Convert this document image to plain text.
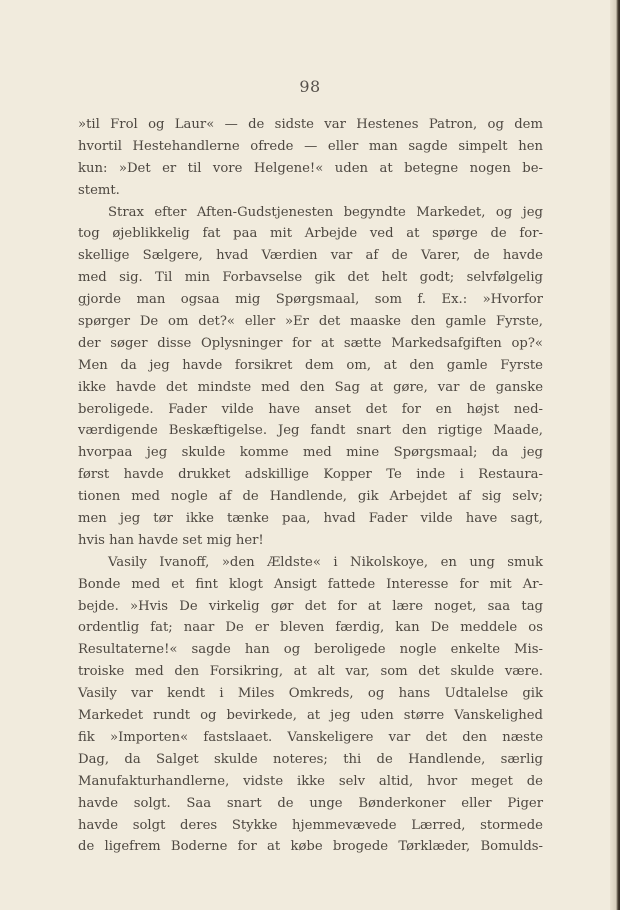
98
»til Frol og Laur« — de sidste var Hestenes Patron, og dem
hvortil Hestehandlerne ofrede — eller man sagde simpelt hen
kun: »Det er til vore Helgene!« uden at betegne nogen be-
stemt.
Strax efter Aften-Gudstjenesten begyndte Markedet, og jeg
tog øjeblikkelig fat paa mit Arbejde ved at spørge de for-
skellige Sælgere, hvad Værdien var af de Varer, de havde
med sig. Til min Forbavselse gik det helt godt; selvfølgelig
gjorde man ogsaa mig Spørgsmaal, som f. Ex.: »Hvorfor
spørger De om det?« eller »Er det maaske den gamle Fyrste,
der søger disse Oplysninger for at sætte Markedsafgiften op?«
Men da jeg havde forsikret dem om, at den gamle Fyrste
ikke havde det mindste med den Sag at gøre, var de ganske
beroligede. Fader vilde have anset det for en højst ned-
værdigende Beskæftigelse. Jeg fandt snart den rigtige Maade,
hvorpaa jeg skulde komme med mine Spørgsmaal; da jeg
først havde drukket adskillige Kopper Te inde i Restaura-
tionen med nogle af de Handlende, gik Arbejdet af sig selv;
men jeg tør ikke tænke paa, hvad Fader vilde have sagt,
hvis han havde set mig her!
Vasily Ivanoff, »den Ældste« i Nikolskoye, en ung smuk
Bonde med et fint klogt Ansigt fattede Interesse for mit Ar-
bejde. »Hvis De virkelig gør det for at lære noget, saa tag
ordentlig fat; naar De er bleven færdig, kan De meddele os
Resultaterne!« sagde han og beroligede nogle enkelte Mis-
troiske med den Forsikring, at alt var, som det skulde være.
Vasily var kendt i Miles Omkreds, og hans Udtalelse gik
Markedet rundt og bevirkede, at jeg uden større Vanskelighed
fik »Importen« fastslaaet. Vanskeligere var det den næste
Dag, da Salget skulde noteres; thi de Handlende, særlig
Manufakturhandlerne, vidste ikke selv altid, hvor meget de
havde solgt. Saa snart de unge Bønderkoner eller Piger
havde solgt deres Stykke hjemmevævede Lærred, stormede
de ligefrem Boderne for at købe brogede Tørklæder, Bomulds-
